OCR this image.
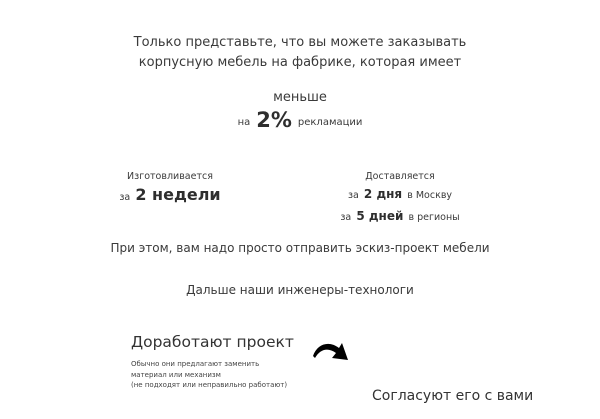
Только представьте, что вы можете заказывать
корпусную мебель на фабрике, которая имеет
меньше
на 2% рекламации
Изготовливается
за 2 недели
Доставляется
за 2 дня в Москву
за 5 дней в регионы
При этом, вам надо просто отправить эскиз-проект мебели
Дальше наши инженеры-технологи
Доработают проект
Обычно они предлагают заменить
материал или механизм
(не подходят или неправильно работают)
Согласуют его с вами
